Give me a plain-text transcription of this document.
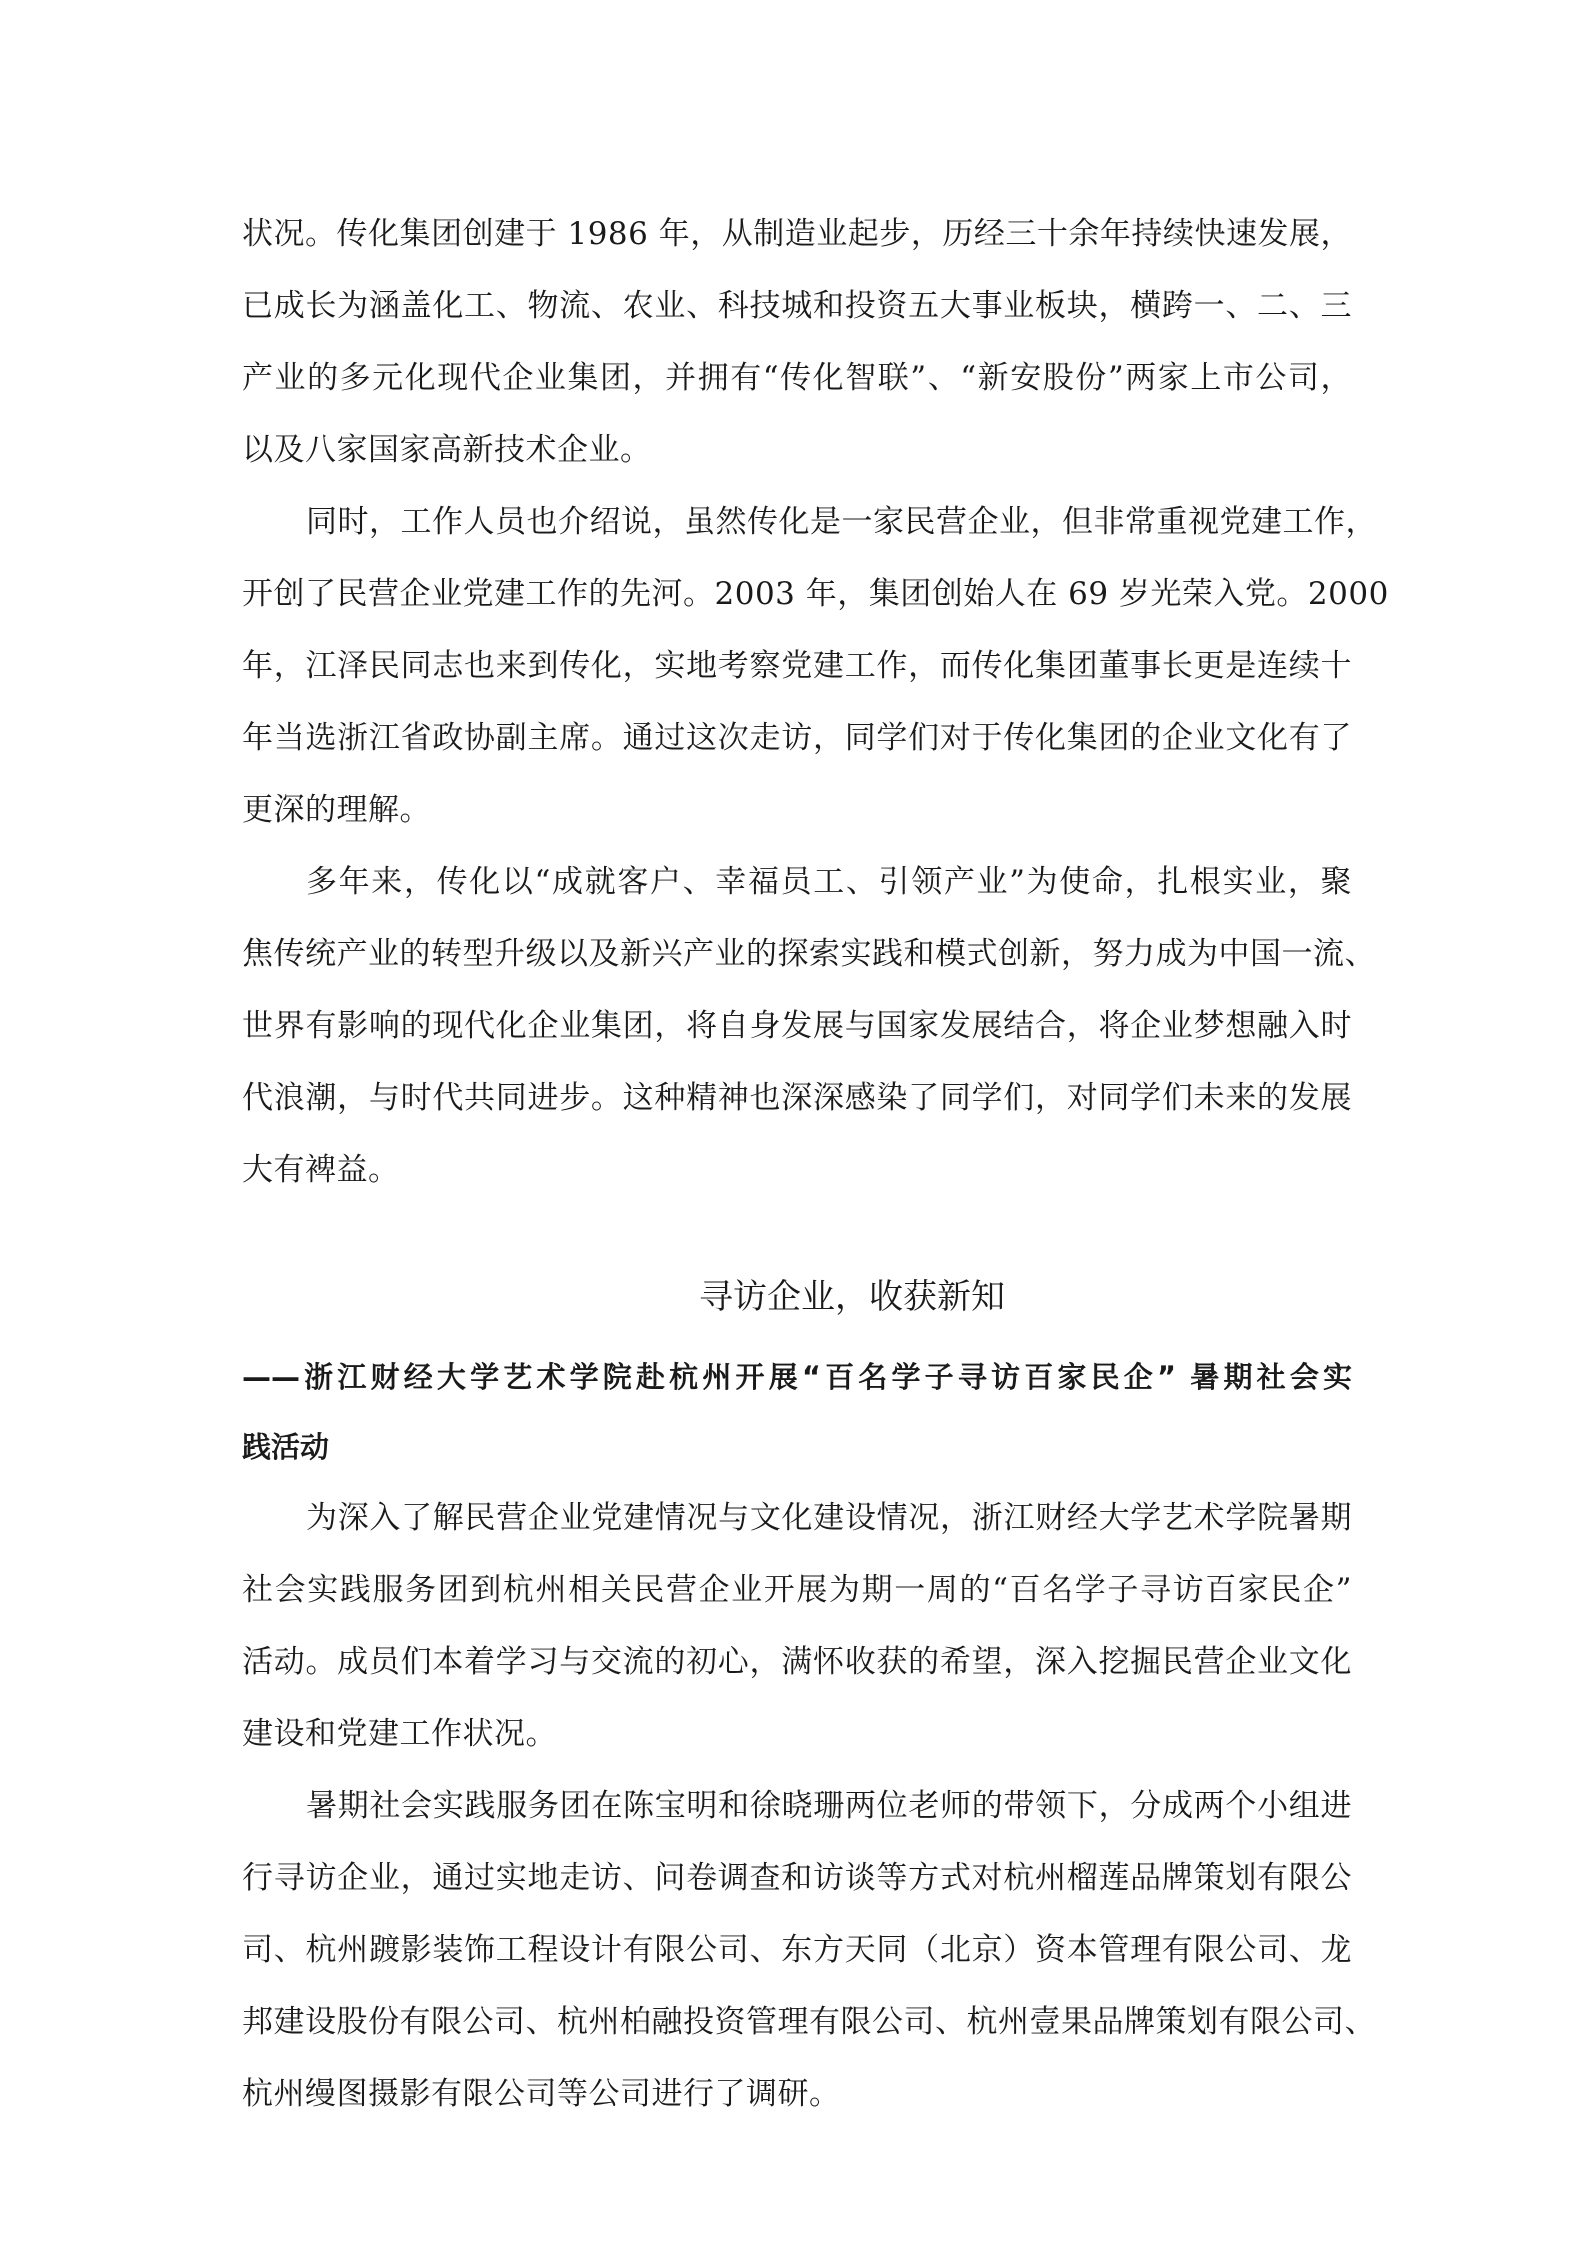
状况。传化集团创建于 1986 年，从制造业起步，历经三十余年持续快速发展，
已成长为涵盖化工、物流、农业、科技城和投资五大事业板块，横跨一、二、三
产业的多元化现代企业集团，并拥有“传化智联”、“新安股份”两家上市公司，
以及八家国家高新技术企业。
同时，工作人员也介绍说，虽然传化是一家民营企业，但非常重视党建工作，
开创了民营企业党建工作的先河。2003 年，集团创始人在 69 岁光荣入党。2000
年，江泽民同志也来到传化，实地考察党建工作，而传化集团董事长更是连续十
年当选浙江省政协副主席。通过这次走访，同学们对于传化集团的企业文化有了
更深的理解。
多年来，传化以“成就客户、幸福员工、引领产业”为使命，扎根实业，聚
焦传统产业的转型升级以及新兴产业的探索实践和模式创新，努力成为中国一流、
世界有影响的现代化企业集团，将自身发展与国家发展结合，将企业梦想融入时
代浪潮，与时代共同进步。这种精神也深深感染了同学们，对同学们未来的发展
大有裨益。
寻访企业，收获新知
——浙江财经大学艺术学院赴杭州开展“百名学子寻访百家民企” 暑期社会实
践活动
为深入了解民营企业党建情况与文化建设情况，浙江财经大学艺术学院暑期
社会实践服务团到杭州相关民营企业开展为期一周的“百名学子寻访百家民企”
活动。成员们本着学习与交流的初心，满怀收获的希望，深入挖掘民营企业文化
建设和党建工作状况。
暑期社会实践服务团在陈宝明和徐晓珊两位老师的带领下，分成两个小组进
行寻访企业，通过实地走访、问卷调查和访谈等方式对杭州榴莲品牌策划有限公
司、杭州踱影装饰工程设计有限公司、东方天同（北京）资本管理有限公司、龙
邦建设股份有限公司、杭州柏融投资管理有限公司、杭州壹果品牌策划有限公司、
杭州缦图摄影有限公司等公司进行了调研。
